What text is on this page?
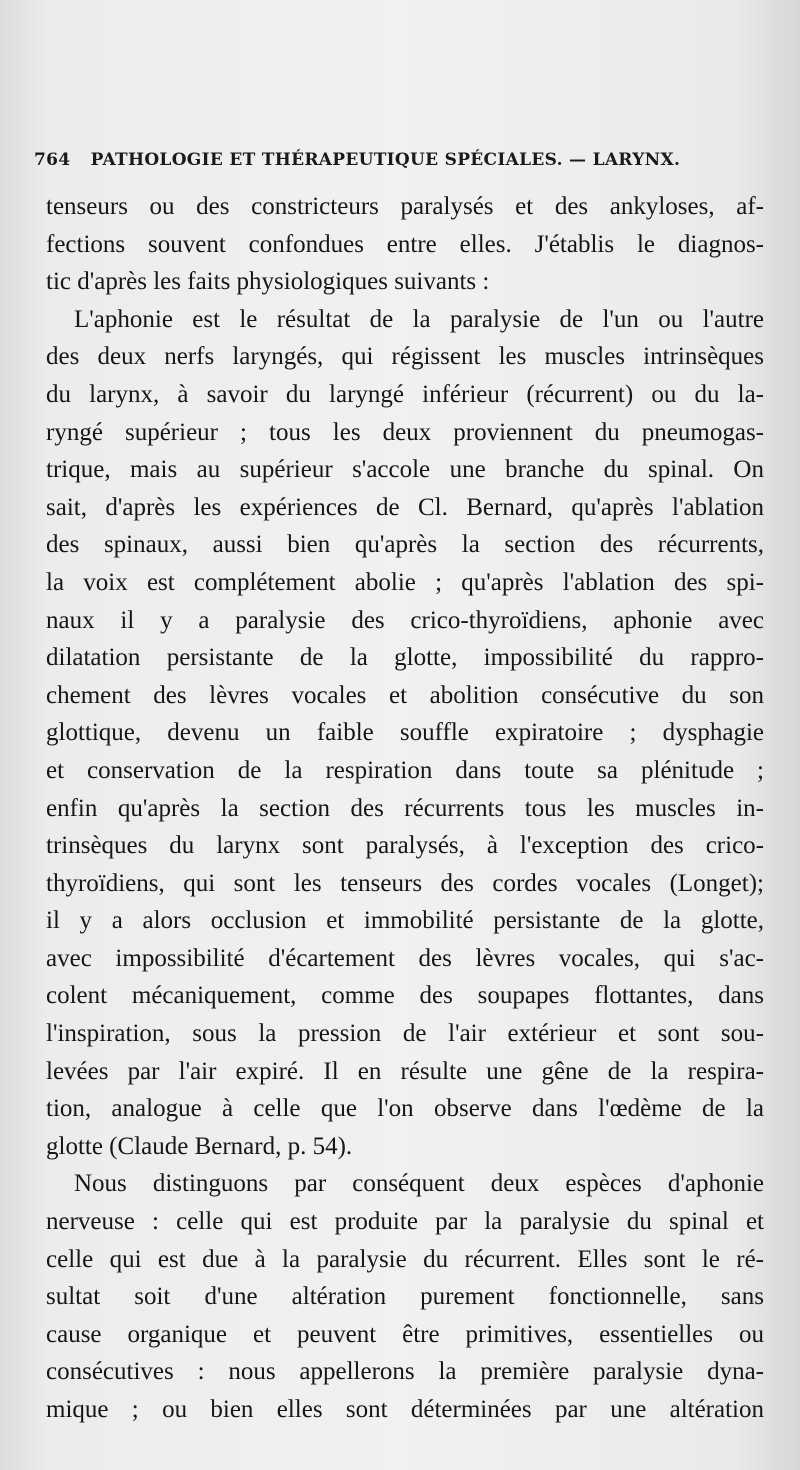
764 PATHOLOGIE ET THÉRAPEUTIQUE SPÉCIALES. — LARYNX.
tenseurs ou des constricteurs paralysés et des ankyloses, af-
fections souvent confondues entre elles. J'établis le diagnos-
tic d'après les faits physiologiques suivants :
L'aphonie est le résultat de la paralysie de l'un ou l'autre
des deux nerfs laryngés, qui régissent les muscles intrinsèques
du larynx, à savoir du laryngé inférieur (récurrent) ou du la-
ryngé supérieur ; tous les deux proviennent du pneumogas-
trique, mais au supérieur s'accole une branche du spinal. On
sait, d'après les expériences de Cl. Bernard, qu'après l'ablation
des spinaux, aussi bien qu'après la section des récurrents,
la voix est complétement abolie ; qu'après l'ablation des spi-
naux il y a paralysie des crico-thyroïdiens, aphonie avec
dilatation persistante de la glotte, impossibilité du rappro-
chement des lèvres vocales et abolition consécutive du son
glottique, devenu un faible souffle expiratoire ; dysphagie
et conservation de la respiration dans toute sa plénitude ;
enfin qu'après la section des récurrents tous les muscles in-
trinsèques du larynx sont paralysés, à l'exception des crico-
thyroïdiens, qui sont les tenseurs des cordes vocales (Longet);
il y a alors occlusion et immobilité persistante de la glotte,
avec impossibilité d'écartement des lèvres vocales, qui s'ac-
colent mécaniquement, comme des soupapes flottantes, dans
l'inspiration, sous la pression de l'air extérieur et sont sou-
levées par l'air expiré. Il en résulte une gêne de la respira-
tion, analogue à celle que l'on observe dans l'œdème de la
glotte (Claude Bernard, p. 54).
Nous distinguons par conséquent deux espèces d'aphonie
nerveuse : celle qui est produite par la paralysie du spinal et
celle qui est due à la paralysie du récurrent. Elles sont le ré-
sultat soit d'une altération purement fonctionnelle, sans
cause organique et peuvent être primitives, essentielles ou
consécutives : nous appellerons la première paralysie dyna-
mique ; ou bien elles sont déterminées par une altération
